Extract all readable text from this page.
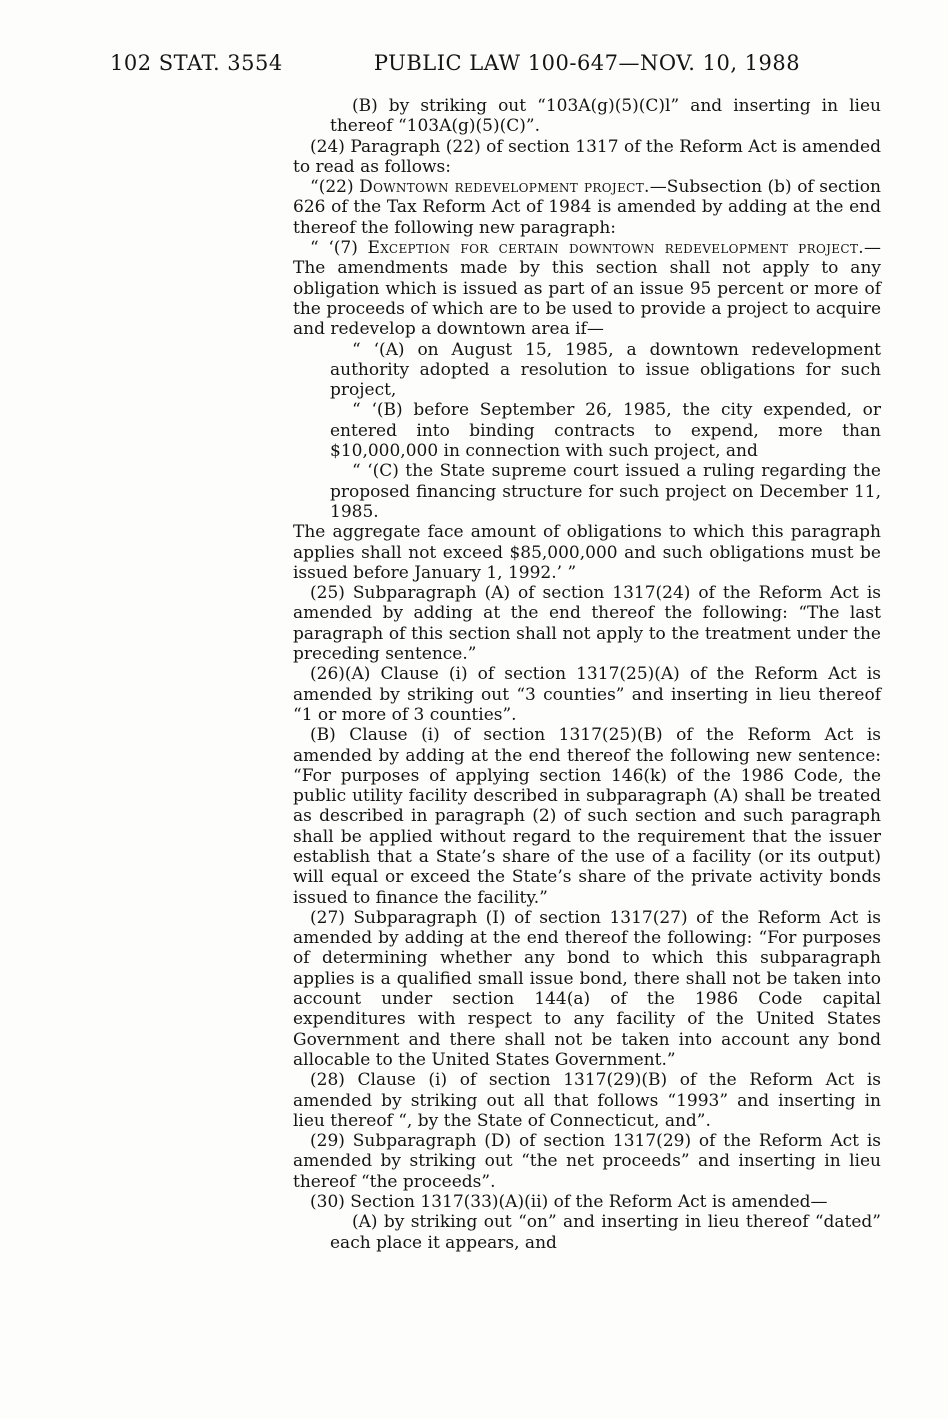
102 STAT. 3554	PUBLIC LAW 100-647—NOV. 10, 1988

(B) by striking out “103A(g)(5)(C)l” and inserting in lieu thereof “103A(g)(5)(C)”.

(24) Paragraph (22) of section 1317 of the Reform Act is amended to read as follows:

“(22) Downtown redevelopment project.—Subsection (b) of section 626 of the Tax Reform Act of 1984 is amended by adding at the end thereof the following new paragraph:

“ ‘(7) Exception for certain downtown redevelopment project.—The amendments made by this section shall not apply to any obligation which is issued as part of an issue 95 percent or more of the proceeds of which are to be used to provide a project to acquire and redevelop a downtown area if—

“ ‘(A) on August 15, 1985, a downtown redevelopment authority adopted a resolution to issue obligations for such project,

“ ‘(B) before September 26, 1985, the city expended, or entered into binding contracts to expend, more than $10,000,000 in connection with such project, and

“ ‘(C) the State supreme court issued a ruling regarding the proposed financing structure for such project on December 11, 1985.

The aggregate face amount of obligations to which this paragraph applies shall not exceed $85,000,000 and such obligations must be issued before January 1, 1992.’ ”

(25) Subparagraph (A) of section 1317(24) of the Reform Act is amended by adding at the end thereof the following: “The last paragraph of this section shall not apply to the treatment under the preceding sentence.”

(26)(A) Clause (i) of section 1317(25)(A) of the Reform Act is amended by striking out “3 counties” and inserting in lieu thereof “1 or more of 3 counties”.

(B) Clause (i) of section 1317(25)(B) of the Reform Act is amended by adding at the end thereof the following new sentence: “For purposes of applying section 146(k) of the 1986 Code, the public utility facility described in subparagraph (A) shall be treated as described in paragraph (2) of such section and such paragraph shall be applied without regard to the requirement that the issuer establish that a State’s share of the use of a facility (or its output) will equal or exceed the State’s share of the private activity bonds issued to finance the facility.”

(27) Subparagraph (I) of section 1317(27) of the Reform Act is amended by adding at the end thereof the following: “For purposes of determining whether any bond to which this subparagraph applies is a qualified small issue bond, there shall not be taken into account under section 144(a) of the 1986 Code capital expenditures with respect to any facility of the United States Government and there shall not be taken into account any bond allocable to the United States Government.”

(28) Clause (i) of section 1317(29)(B) of the Reform Act is amended by striking out all that follows “1993” and inserting in lieu thereof “, by the State of Connecticut, and”.

(29) Subparagraph (D) of section 1317(29) of the Reform Act is amended by striking out “the net proceeds” and inserting in lieu thereof “the proceeds”.

(30) Section 1317(33)(A)(ii) of the Reform Act is amended—

(A) by striking out “on” and inserting in lieu thereof “dated” each place it appears, and
